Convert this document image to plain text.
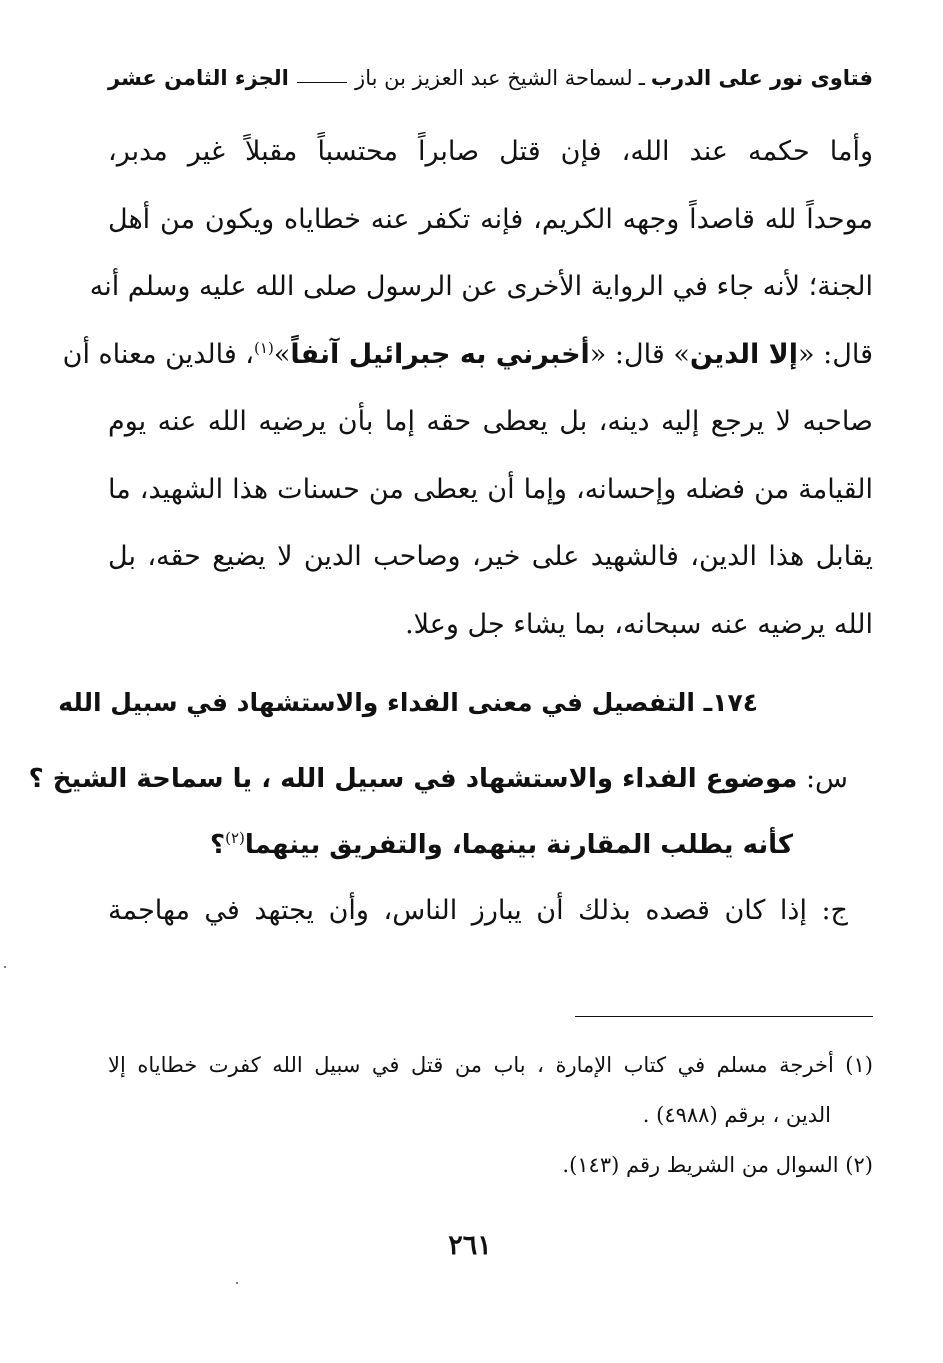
فتاوى نور على الدرب
ـ
لسماحة الشيخ عبد العزيز بن باز
الجزء الثامن عشر
وأما حكمه عند الله، فإن قتل صابراً محتسباً مقبلاً غير مدبر،
موحداً لله قاصداً وجهه الكريم، فإنه تكفر عنه خطاياه ويكون من أهل
الجنة؛ لأنه جاء في الرواية الأخرى عن الرسول صلى الله عليه وسلم أنه
قال: «إلا الدين» قال: «أخبرني به جبرائيل آنفاً»$^{(١)}$، فالدين معناه أن
صاحبه لا يرجع إليه دينه، بل يعطى حقه إما بأن يرضيه الله عنه يوم
القيامة من فضله وإحسانه، وإما أن يعطى من حسنات هذا الشهيد، ما
يقابل هذا الدين، فالشهيد على خير، وصاحب الدين لا يضيع حقه، بل
الله يرضيه عنه سبحانه، بما يشاء جل وعلا.
١٧٤ـ التفصيل في معنى الفداء والاستشهاد في سبيل الله
س: موضوع الفداء والاستشهاد في سبيل الله ، يا سماحة الشيخ ؟
كأنه يطلب المقارنة بينهما، والتفريق بينهما$^{(٢)}$؟
ج: إذا كان قصده بذلك أن يبارز الناس، وأن يجتهد في مهاجمة
(١) أخرجة مسلم في كتاب الإمارة ، باب من قتل في سبيل الله كفرت خطاياه إلا
الدين ، برقم (٤٩٨٨) .
(٢) السوال من الشريط رقم (١٤٣).
٢٦١
